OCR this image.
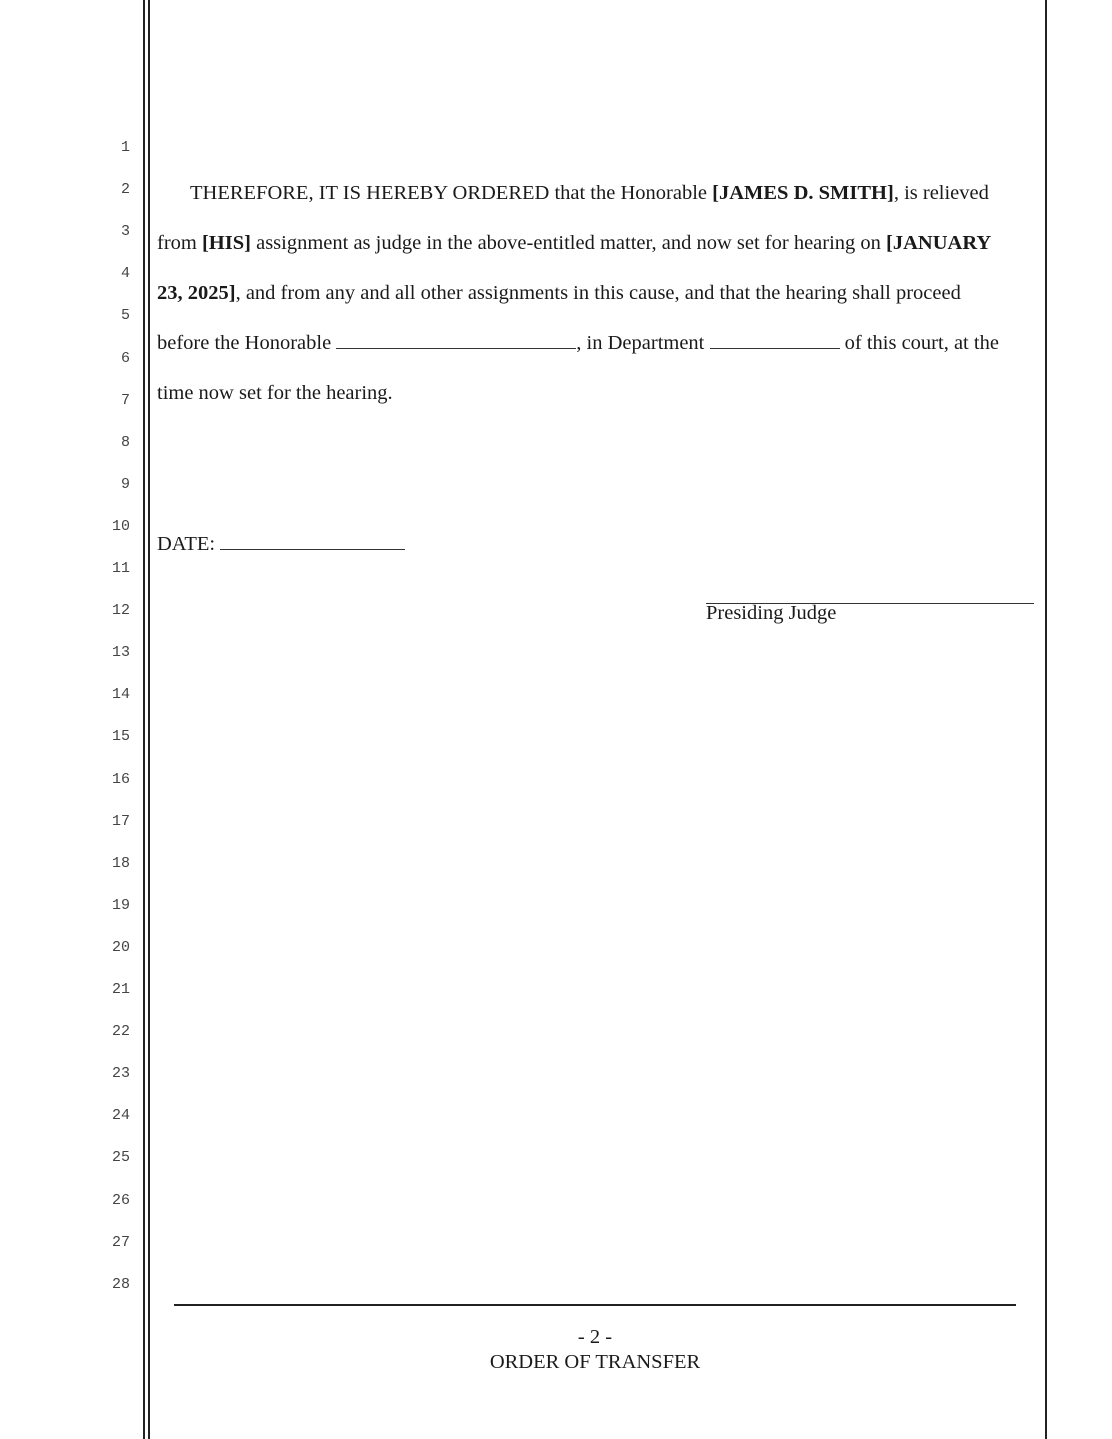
1
2
3
4
5
6
7
8
9
10
11
12
13
14
15
16
17
18
19
20
21
22
23
24
25
26
27
28
THEREFORE, IT IS HEREBY ORDERED that the Honorable [JAMES D. SMITH], is relieved
from [HIS] assignment as judge in the above-entitled matter, and now set for hearing on [JANUARY
23, 2025], and from any and all other assignments in this cause, and that the hearing shall proceed
before the Honorable	, in Department	of this court, at the
time now set for the hearing.
DATE:
Presiding Judge
- 2 -
ORDER OF TRANSFER
